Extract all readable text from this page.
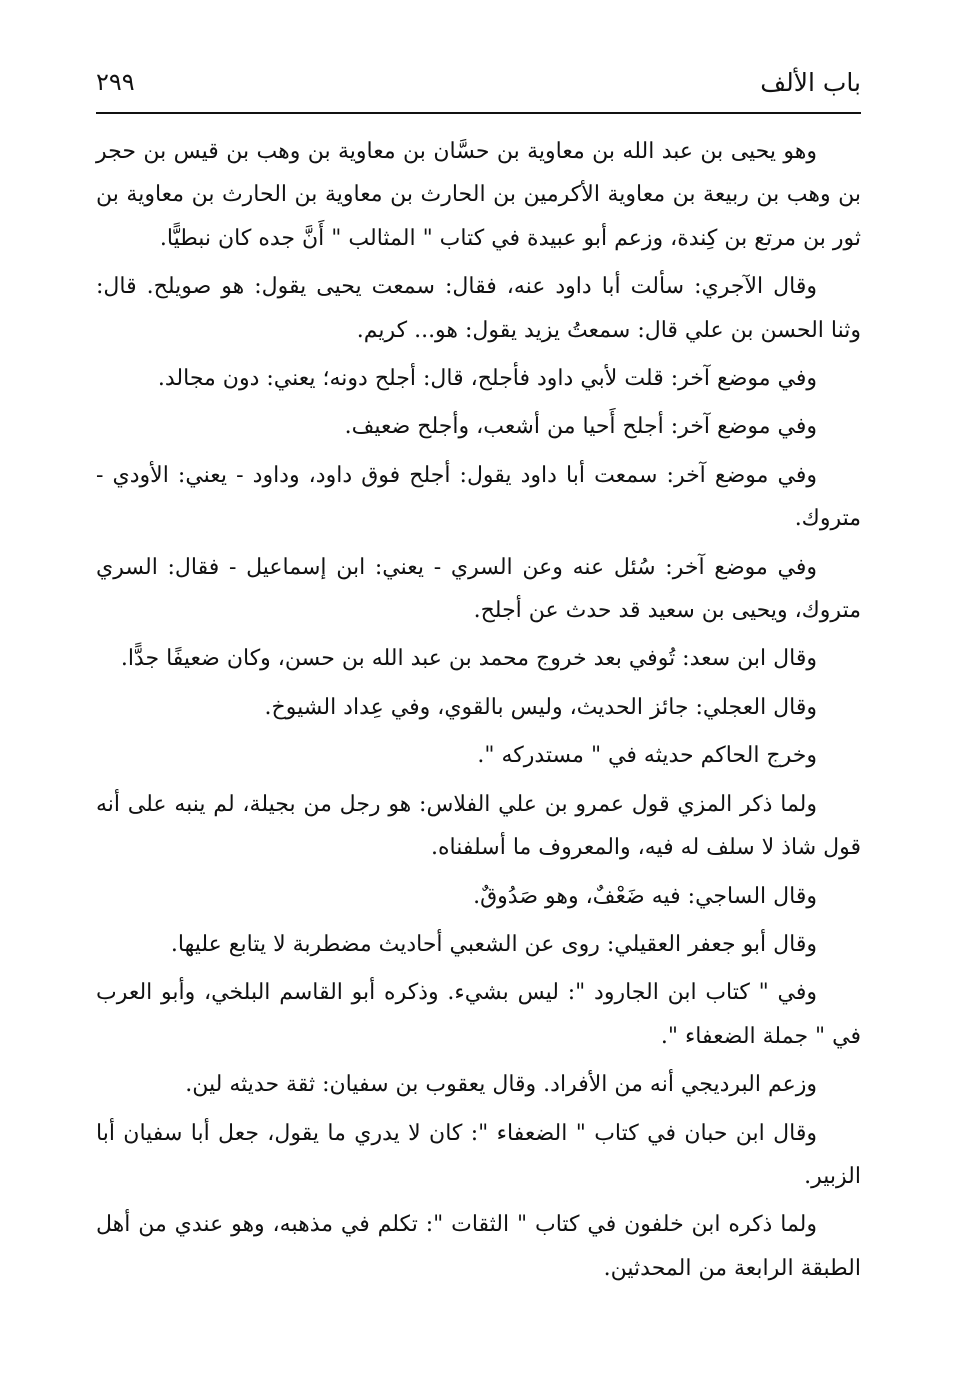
باب الألف
٢٩٩

وهو يحيى بن عبد الله بن معاوية بن حسَّان بن معاوية بن وهب بن قيس بن حجر بن وهب بن ربيعة بن معاوية الأكرمين بن الحارث بن معاوية بن الحارث بن معاوية بن ثور بن مرتع بن كِندة، وزعم أبو عبيدة في كتاب " المثالب " أَنَّ جده كان نبطيًّا.

وقال الآجري: سألت أبا داود عنه، فقال: سمعت يحيى يقول: هو صويلح. قال: وثنا الحسن بن علي قال: سمعتُ يزيد يقول: هو... كريم.

وفي موضع آخر: قلت لأبي داود فأجلح، قال: أجلح دونه؛ يعني: دون مجالد.

وفي موضع آخر: أجلح أَحيا من أشعب، وأجلح ضعيف.

وفي موضع آخر: سمعت أبا داود يقول: أجلح فوق داود، وداود - يعني: الأودي - متروك.

وفي موضع آخر: سُئل عنه وعن السري - يعني: ابن إسماعيل - فقال: السري متروك، ويحيى بن سعيد قد حدث عن أجلح.

وقال ابن سعد: تُوفي بعد خروج محمد بن عبد الله بن حسن، وكان ضعيفًا جدًّا.

وقال العجلي: جائز الحديث، وليس بالقوي، وفي عِداد الشيوخ.

وخرج الحاكم حديثه في " مستدركه ".

ولما ذكر المزي قول عمرو بن علي الفلاس: هو رجل من بجيلة، لم ينبه على أنه قول شاذ لا سلف له فيه، والمعروف ما أسلفناه.

وقال الساجي: فيه ضَعْفٌ، وهو صَدُوقٌ.

وقال أبو جعفر العقيلي: روى عن الشعبي أحاديث مضطربة لا يتابع عليها.

وفي " كتاب ابن الجارود ": ليس بشيء. وذكره أبو القاسم البلخي، وأبو العرب في " جملة الضعفاء ".

وزعم البرديجي أنه من الأفراد. وقال يعقوب بن سفيان: ثقة حديثه لين.

وقال ابن حبان في كتاب " الضعفاء ": كان لا يدري ما يقول، جعل أبا سفيان أبا الزبير.

ولما ذكره ابن خلفون في كتاب " الثقات ": تكلم في مذهبه، وهو عندي من أهل الطبقة الرابعة من المحدثين.
